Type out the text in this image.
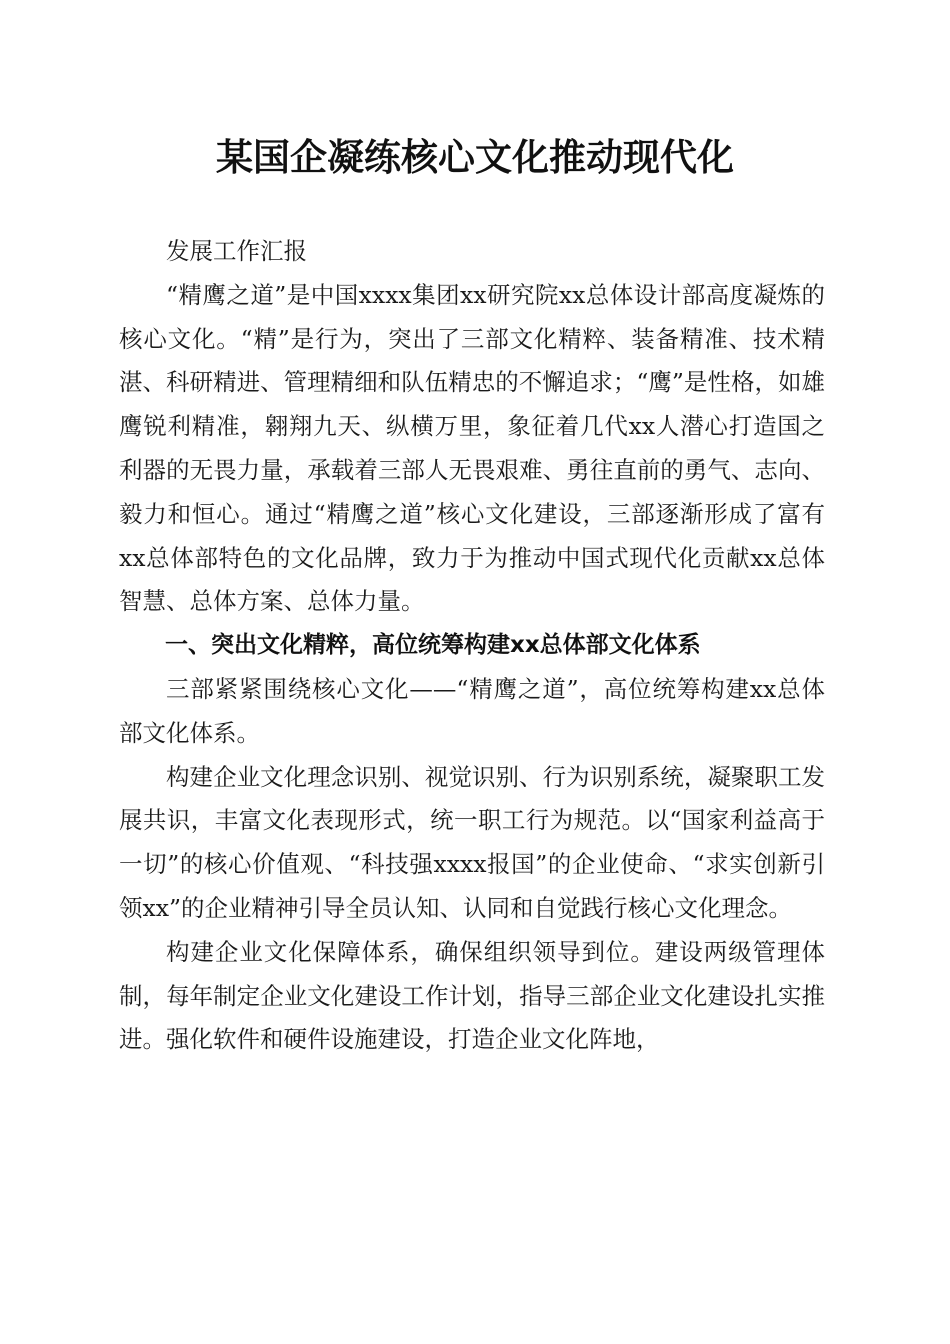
某国企凝练核心文化推动现代化

发展工作汇报

“精鹰之道”是中国xxxx集团xx研究院xx总体设计部高度凝炼的核心文化。“精”是行为，突出了三部文化精粹、装备精准、技术精湛、科研精进、管理精细和队伍精忠的不懈追求；“鹰”是性格，如雄鹰锐利精准，翱翔九天、纵横万里，象征着几代xx人潜心打造国之利器的无畏力量，承载着三部人无畏艰难、勇往直前的勇气、志向、毅力和恒心。通过“精鹰之道”核心文化建设，三部逐渐形成了富有xx总体部特色的文化品牌，致力于为推动中国式现代化贡献xx总体智慧、总体方案、总体力量。

一、突出文化精粹，高位统筹构建xx总体部文化体系

三部紧紧围绕核心文化——“精鹰之道”，高位统筹构建xx总体部文化体系。

构建企业文化理念识别、视觉识别、行为识别系统，凝聚职工发展共识，丰富文化表现形式，统一职工行为规范。以“国家利益高于一切”的核心价值观、“科技强xxxx报国”的企业使命、“求实创新引领xx”的企业精神引导全员认知、认同和自觉践行核心文化理念。

构建企业文化保障体系，确保组织领导到位。建设两级管理体制，每年制定企业文化建设工作计划，指导三部企业文化建设扎实推进。强化软件和硬件设施建设，打造企业文化阵地，
